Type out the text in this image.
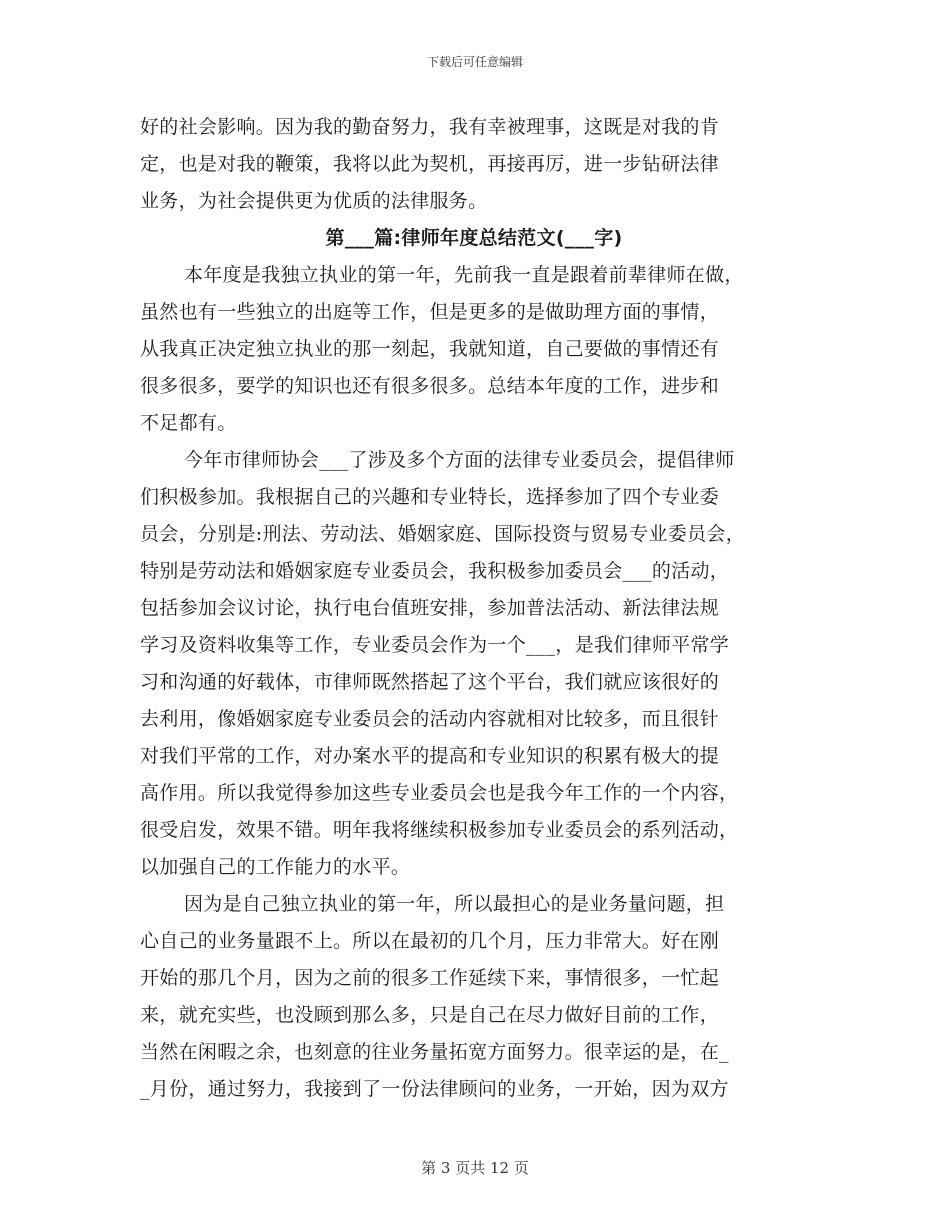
下载后可任意编辑
好的社会影响。因为我的勤奋努力，我有幸被理事，这既是对我的肯
定，也是对我的鞭策，我将以此为契机，再接再厉，进一步钻研法律
业务，为社会提供更为优质的法律服务。
第___篇:律师年度总结范文(___字)
本年度是我独立执业的第一年，先前我一直是跟着前辈律师在做，
虽然也有一些独立的出庭等工作，但是更多的是做助理方面的事情，
从我真正决定独立执业的那一刻起，我就知道，自己要做的事情还有
很多很多，要学的知识也还有很多很多。总结本年度的工作，进步和
不足都有。
今年市律师协会___了涉及多个方面的法律专业委员会，提倡律师
们积极参加。我根据自己的兴趣和专业特长，选择参加了四个专业委
员会，分别是:刑法、劳动法、婚姻家庭、国际投资与贸易专业委员会，
特别是劳动法和婚姻家庭专业委员会，我积极参加委员会___的活动，
包括参加会议讨论，执行电台值班安排，参加普法活动、新法律法规
学习及资料收集等工作，专业委员会作为一个___，是我们律师平常学
习和沟通的好载体，市律师既然搭起了这个平台，我们就应该很好的
去利用，像婚姻家庭专业委员会的活动内容就相对比较多，而且很针
对我们平常的工作，对办案水平的提高和专业知识的积累有极大的提
高作用。所以我觉得参加这些专业委员会也是我今年工作的一个内容，
很受启发，效果不错。明年我将继续积极参加专业委员会的系列活动，
以加强自己的工作能力的水平。
因为是自己独立执业的第一年，所以最担心的是业务量问题，担
心自己的业务量跟不上。所以在最初的几个月，压力非常大。好在刚
开始的那几个月，因为之前的很多工作延续下来，事情很多，一忙起
来，就充实些，也没顾到那么多，只是自己在尽力做好目前的工作，
当然在闲暇之余，也刻意的往业务量拓宽方面努力。很幸运的是，在_
_月份，通过努力，我接到了一份法律顾问的业务，一开始，因为双方
第 3 页共 12 页
